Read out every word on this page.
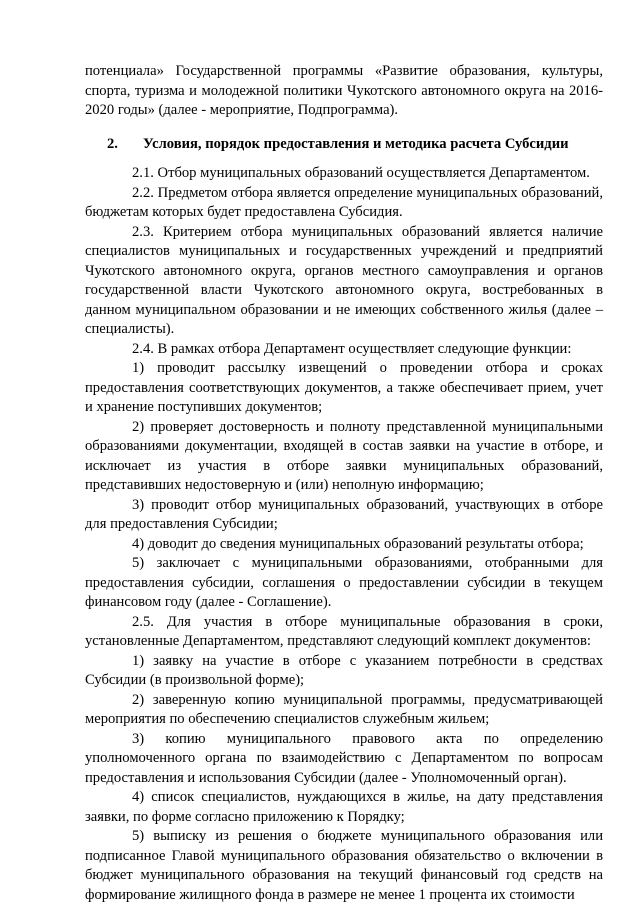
потенциала» Государственной программы «Развитие образования, культуры, спорта, туризма и молодежной политики Чукотского автономного округа на 2016-2020 годы» (далее - мероприятие, Подпрограмма).

2.	Условия, порядок предоставления и методика расчета Субсидии

2.1. Отбор муниципальных образований осуществляется Департаментом.

2.2. Предметом отбора является определение муниципальных образований, бюджетам которых будет предоставлена Субсидия.

2.3. Критерием отбора муниципальных образований является наличие специалистов муниципальных и государственных учреждений и предприятий Чукотского автономного округа, органов местного самоуправления и органов государственной власти Чукотского автономного округа, востребованных в данном муниципальном образовании и не имеющих собственного жилья (далее – специалисты).

2.4. В рамках отбора Департамент осуществляет следующие функции:

1) проводит рассылку извещений о проведении отбора и сроках предоставления соответствующих документов, а также обеспечивает прием, учет и хранение поступивших документов;

2) проверяет достоверность и полноту представленной муниципальными образованиями документации, входящей в состав заявки на участие в отборе, и исключает из участия в отборе заявки муниципальных образований, представивших недостоверную и (или) неполную информацию;

3) проводит отбор муниципальных образований, участвующих в отборе для предоставления Субсидии;

4) доводит до сведения муниципальных образований результаты отбора;

5) заключает с муниципальными образованиями, отобранными для предоставления субсидии, соглашения о предоставлении субсидии в текущем финансовом году (далее - Соглашение).

2.5. Для участия в отборе муниципальные образования в сроки, установленные Департаментом, представляют следующий комплект документов:

1) заявку на участие в отборе с указанием потребности в средствах Субсидии (в произвольной форме);

2) заверенную копию муниципальной программы, предусматривающей мероприятия по обеспечению специалистов служебным жильем;

3) копию муниципального правового акта по определению уполномоченного органа по взаимодействию с Департаментом по вопросам предоставления и использования Субсидии (далее - Уполномоченный орган).

4) список специалистов, нуждающихся в жилье, на дату представления заявки, по форме согласно приложению к Порядку;

5) выписку из решения о бюджете муниципального образования или подписанное Главой муниципального образования обязательство о включении в бюджет муниципального образования на текущий финансовый год средств на формирование жилищного фонда в размере не менее 1 процента их стоимости
